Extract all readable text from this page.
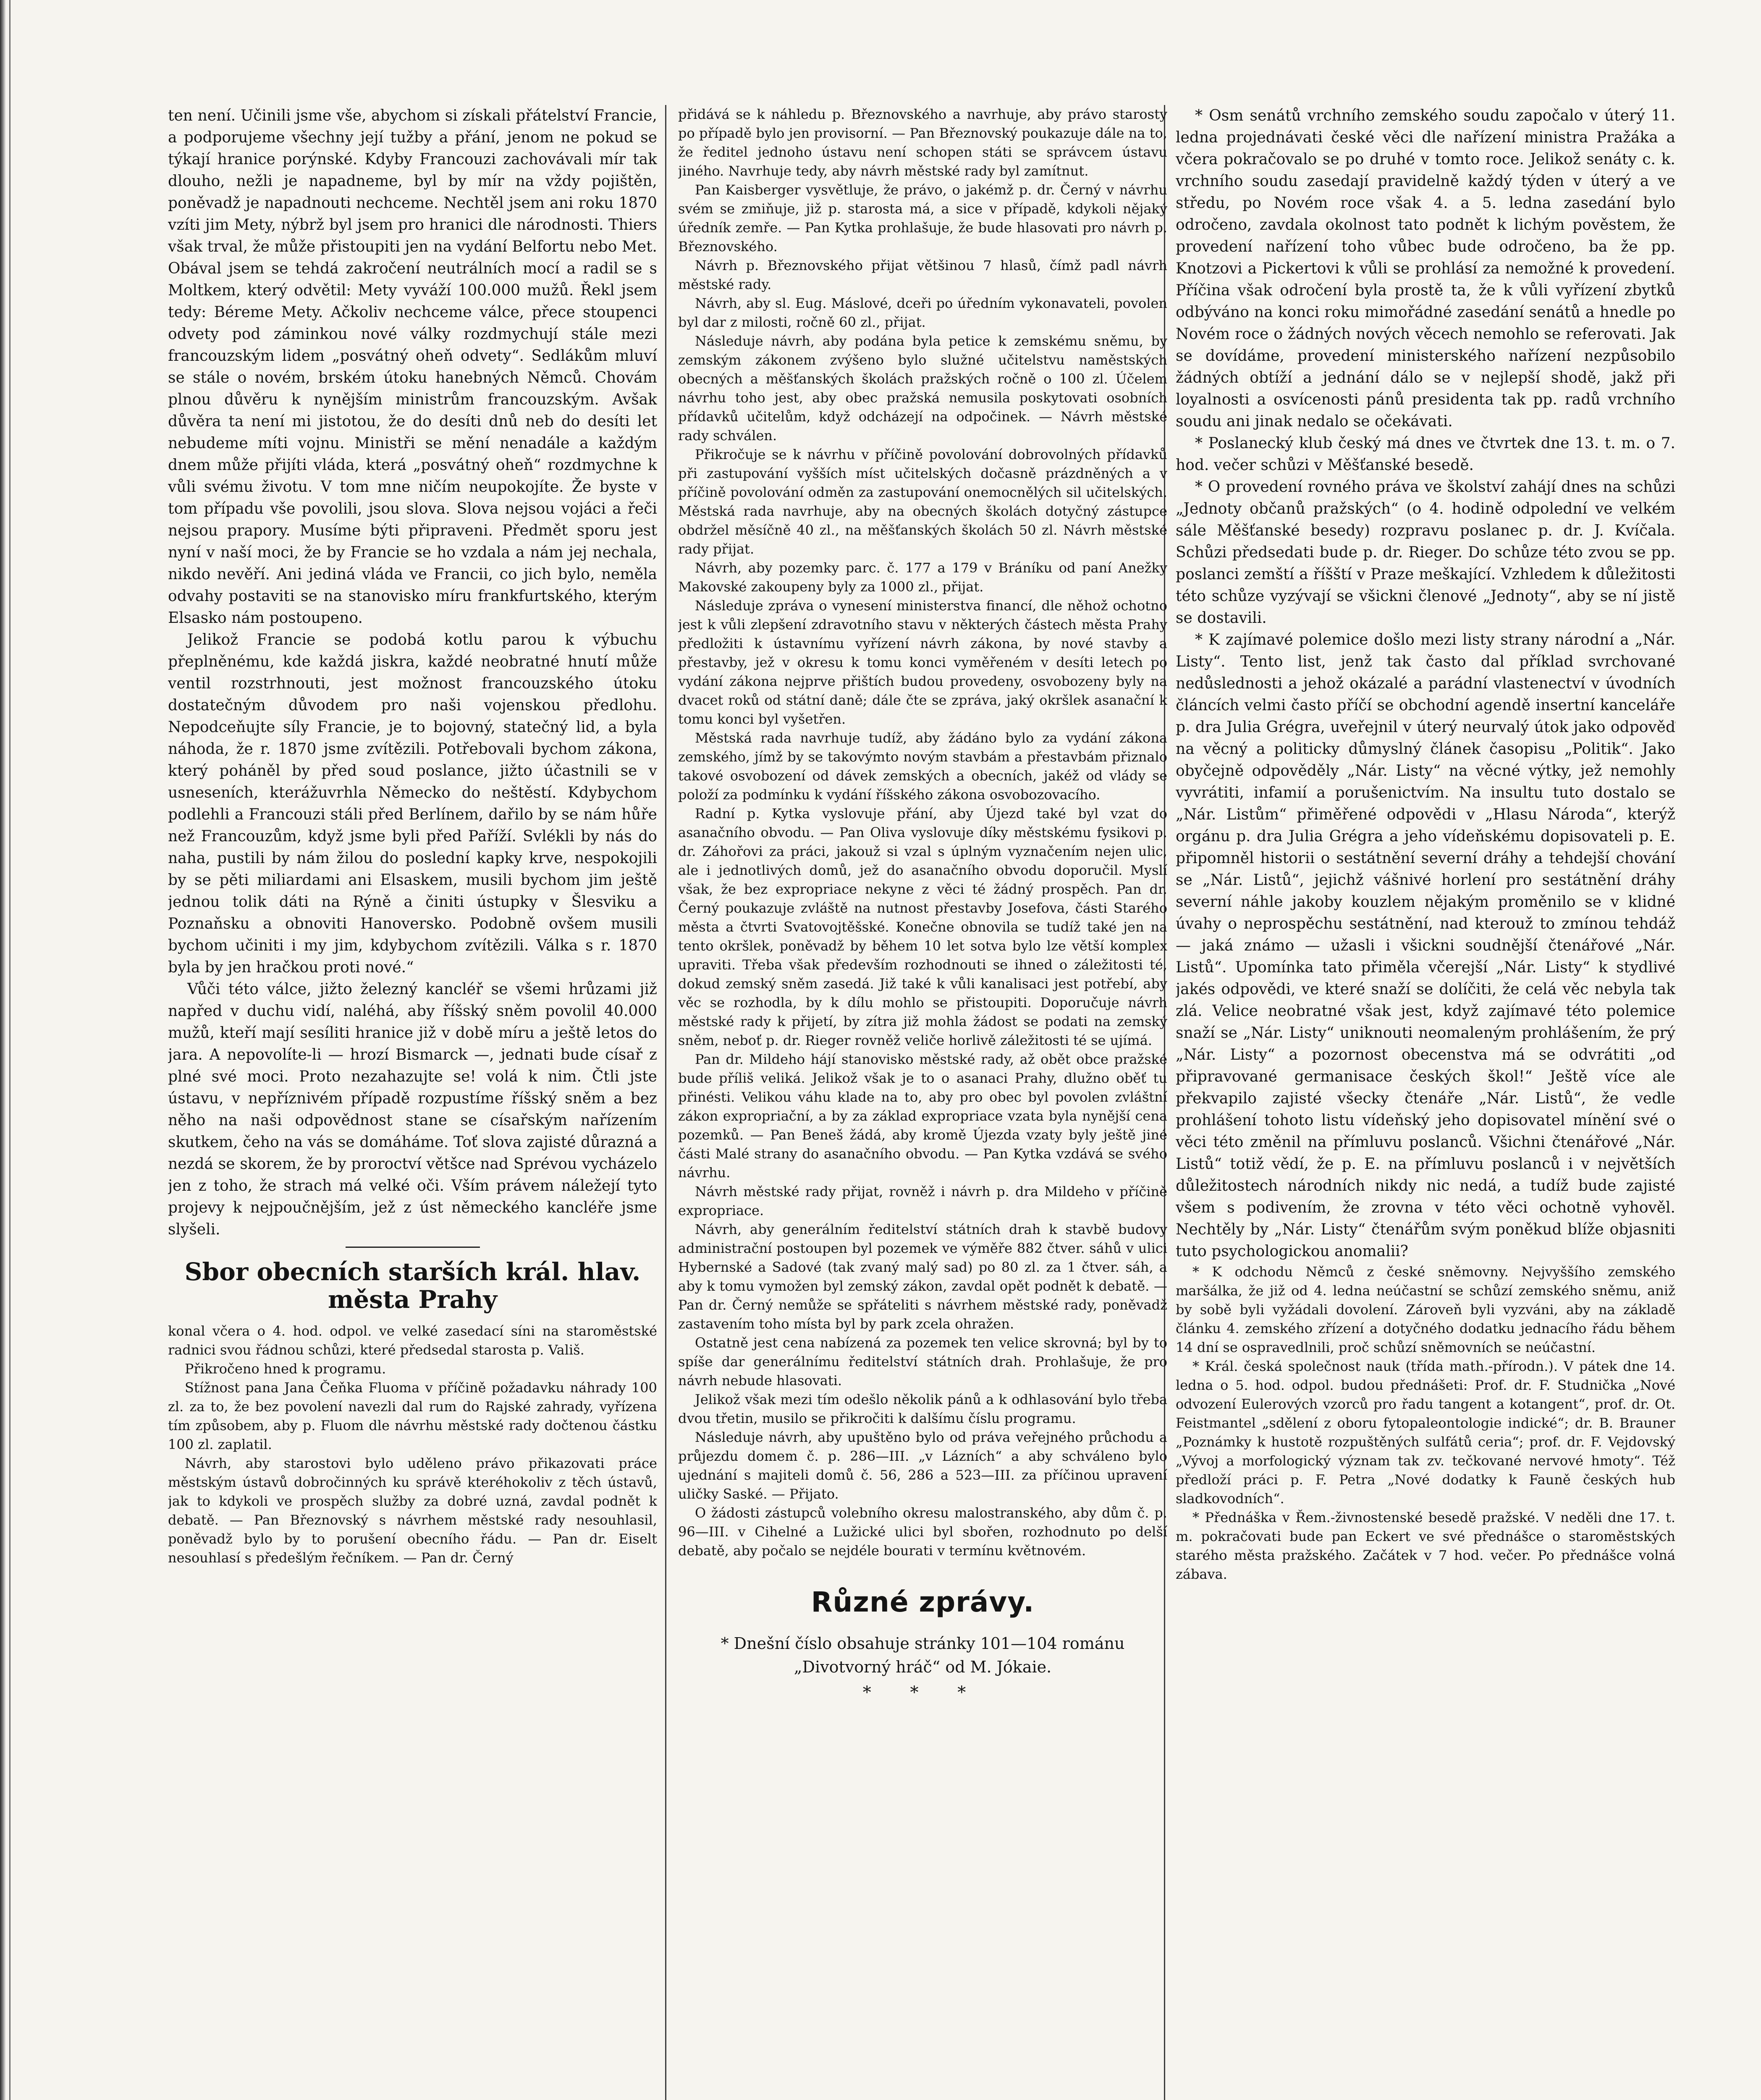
ten není. Učinili jsme vše, abychom si získali přátelství Francie, a podporujeme všechny její tužby a přání, jenom ne pokud se týkají hranice porýnské. Kdyby Francouzi zachovávali mír tak dlouho, nežli je napadneme, byl by mír na vždy pojištěn, poněvadž je napadnouti nechceme. Nechtěl jsem ani roku 1870 vzíti jim Mety, nýbrž byl jsem pro hranici dle národnosti. Thiers však trval, že může přistoupiti jen na vydání Belfortu nebo Met. Obával jsem se tehdá zakročení neutrálních mocí a radil se s Moltkem, který odvětil: Mety vyváží 100.000 mužů. Řekl jsem tedy: Béreme Mety. Ačkoliv nechceme válce, přece stoupenci odvety pod záminkou nové války rozdmychují stále mezi francouzským lidem „posvátný oheň odvety“. Sedlákům mluví se stále o novém, brském útoku hanebných Němců. Chovám plnou důvěru k nynějším ministrům francouzským. Avšak důvěra ta není mi jistotou, že do desíti dnů neb do desíti let nebudeme míti vojnu. Ministři se mění nenadále a každým dnem může přijíti vláda, která „posvátný oheň“ rozdmychne k vůli svému životu. V tom mne ničím neupokojíte. Že byste v tom případu vše povolili, jsou slova. Slova nejsou vojáci a řeči nejsou prapory. Musíme býti připraveni. Předmět sporu jest nyní v naší moci, že by Francie se ho vzdala a nám jej nechala, nikdo nevěří. Ani jediná vláda ve Francii, co jich bylo, neměla odvahy postaviti se na stanovisko míru frankfurtského, kterým Elsasko nám postoupeno.

Jelikož Francie se podobá kotlu parou k výbuchu přeplněnému, kde každá jiskra, každé neobratné hnutí může ventil rozstrhnouti, jest možnost francouzského útoku dostatečným důvodem pro naši vojenskou předlohu. Nepodceňujte síly Francie, je to bojovný, statečný lid, a byla náhoda, že r. 1870 jsme zvítězili. Potřebovali bychom zákona, který poháněl by před soud poslance, jižto účastnili se v usneseních, kterážuvrhla Německo do neštěstí. Kdybychom podlehli a Francouzi stáli před Berlínem, dařilo by se nám hůře než Francouzům, když jsme byli před Paříží. Svlékli by nás do naha, pustili by nám žilou do poslední kapky krve, nespokojili by se pěti miliardami ani Elsaskem, musili bychom jim ještě jednou tolik dáti na Rýně a činiti ústupky v Šlesviku a Poznaňsku a obnoviti Hanoversko. Podobně ovšem musili bychom učiniti i my jim, kdybychom zvítězili. Válka s r. 1870 byla by jen hračkou proti nové.“

Vůči této válce, jižto železný kancléř se všemi hrůzami již napřed v duchu vidí, naléhá, aby říšský sněm povolil 40.000 mužů, kteří mají sesíliti hranice již v době míru a ještě letos do jara. A nepovolíte-li — hrozí Bismarck —, jednati bude císař z plné své moci. Proto nezahazujte se! volá k nim. Čtli jste ústavu, v nepříznivém případě rozpustíme říšský sněm a bez něho na naši odpovědnost stane se císařským nařízením skutkem, čeho na vás se domáháme. Toť slova zajisté důrazná a nezdá se skorem, že by proroctví většce nad Sprévou vycházelo jen z toho, že strach má velké oči. Vším právem náležejí tyto projevy k nejpoučnějším, jež z úst německého kancléře jsme slyšeli.

Sbor obecních starších král. hlav. města Prahy

konal včera o 4. hod. odpol. ve velké zasedací síni na staroměstské radnici svou řádnou schůzi, které předsedal starosta p. Vališ.

Přikročeno hned k programu.

Stížnost pana Jana Čeňka Fluoma v příčině požadavku náhrady 100 zl. za to, že bez povolení navezli dal rum do Rajské zahrady, vyřízena tím způsobem, aby p. Fluom dle návrhu městské rady dočtenou částku 100 zl. zaplatil.

Návrh, aby starostovi bylo uděleno právo přikazovati práce městským ústavů dobročinných ku správě kteréhokoliv z těch ústavů, jak to kdykoli ve prospěch služby za dobré uzná, zavdal podnět k debatě. — Pan Březnovský s návrhem městské rady nesouhlasil, poněvadž bylo by to porušení obecního řádu. — Pan dr. Eiselt nesouhlasí s předešlým řečníkem. — Pan dr. Černý

přidává se k náhledu p. Březnovského a navrhuje, aby právo starosty po případě bylo jen provisorní. — Pan Březnovský poukazuje dále na to, že ředitel jednoho ústavu není schopen státi se správcem ústavu jiného. Navrhuje tedy, aby návrh městské rady byl zamítnut.

Pan Kaisberger vysvětluje, že právo, o jakémž p. dr. Černý v návrhu svém se zmiňuje, již p. starosta má, a sice v případě, kdykoli nějaký úředník zemře. — Pan Kytka prohlašuje, že bude hlasovati pro návrh p. Březnovského.

Návrh p. Březnovského přijat většinou 7 hlasů, čímž padl návrh městské rady.

Návrh, aby sl. Eug. Máslové, dceři po úředním vykonavateli, povolen byl dar z milosti, ročně 60 zl., přijat.

Následuje návrh, aby podána byla petice k zemskému sněmu, by zemským zákonem zvýšeno bylo služné učitelstvu naměstských obecných a měšťanských školách pražských ročně o 100 zl. Účelem návrhu toho jest, aby obec pražská nemusila poskytovati osobních přídavků učitelům, když odcházejí na odpočinek. — Návrh městské rady schválen.

Přikročuje se k návrhu v příčině povolování dobrovolných přídavků při zastupování vyšších míst učitelských dočasně prázdněných a v příčině povolování odměn za zastupování onemocnělých sil učitelských. Městská rada navrhuje, aby na obecných školách dotyčný zástupce obdržel měsíčně 40 zl., na měšťanských školách 50 zl. Návrh městské rady přijat.

Návrh, aby pozemky parc. č. 177 a 179 v Bráníku od paní Anežky Makovské zakoupeny byly za 1000 zl., přijat.

Následuje zpráva o vynesení ministerstva financí, dle něhož ochotno jest k vůli zlepšení zdravotního stavu v některých částech města Prahy předložiti k ústavnímu vyřízení návrh zákona, by nové stavby a přestavby, jež v okresu k tomu konci vyměřeném v desíti letech po vydání zákona nejprve přištích budou provedeny, osvobozeny byly na dvacet roků od státní daně; dále čte se zpráva, jaký okršlek asanační k tomu konci byl vyšetřen.

Městská rada navrhuje tudíž, aby žádáno bylo za vydání zákona zemského, jímž by se takovýmto novým stavbám a přestavbám přiznalo takové osvobození od dávek zemských a obecních, jakéž od vlády se položí za podmínku k vydání říšského zákona osvobozovacího.

Radní p. Kytka vyslovuje přání, aby Újezd také byl vzat do asanačního obvodu. — Pan Oliva vyslovuje díky městskému fysikovi p. dr. Záhořovi za práci, jakouž si vzal s úplným vyznačením nejen ulic, ale i jednotlivých domů, jež do asanačního obvodu doporučil. Myslí však, že bez expropriace nekyne z věci té žádný prospěch. Pan dr. Černý poukazuje zvláště na nutnost přestavby Josefova, části Starého města a čtvrti Svatovojtěšské. Konečne obnovila se tudíž také jen na tento okršlek, poněvadž by během 10 let sotva bylo lze větší komplex upraviti. Třeba však především rozhodnouti se ihned o záležitosti té, dokud zemský sněm zasedá. Již také k vůli kanalisaci jest potřebí, aby věc se rozhodla, by k dílu mohlo se přistoupiti. Doporučuje návrh městské rady k přijetí, by zítra již mohla žádost se podati na zemský sněm, neboť p. dr. Rieger rovněž veliče horlivě záležitosti té se ujímá.

Pan dr. Mildeho hájí stanovisko městské rady, až obět obce pražské bude příliš veliká. Jelikož však je to o asanaci Prahy, dlužno oběť tu přinésti. Velikou váhu klade na to, aby pro obec byl povolen zvláštní zákon expropriační, a by za základ expropriace vzata byla nynější cena pozemků. — Pan Beneš žádá, aby kromě Újezda vzaty byly ještě jiné části Malé strany do asanačního obvodu. — Pan Kytka vzdává se svého návrhu.

Návrh městské rady přijat, rovněž i návrh p. dra Mildeho v příčině expropriace.

Návrh, aby generálním ředitelství státních drah k stavbě budovy administrační postoupen byl pozemek ve výměře 882 čtver. sáhů v ulici Hybernské a Sadové (tak zvaný malý sad) po 80 zl. za 1 čtver. sáh, a aby k tomu vymožen byl zemský zákon, zavdal opět podnět k debatě. — Pan dr. Černý nemůže se spřáteliti s návrhem městské rady, poněvadž zastavením toho místa byl by park zcela ohražen.

Ostatně jest cena nabízená za pozemek ten velice skrovná; byl by to spíše dar generálnímu ředitelství státních drah. Prohlašuje, že pro návrh nebude hlasovati.

Jelikož však mezi tím odešlo několik pánů a k odhlasování bylo třeba dvou třetin, musilo se přikročiti k dalšímu číslu programu.

Následuje návrh, aby upuštěno bylo od práva veřejného průchodu a průjezdu domem č. p. 286—III. „v Lázních“ a aby schváleno bylo ujednání s majiteli domů č. 56, 286 a 523—III. za příčinou upravení uličky Saské. — Přijato.

O žádosti zástupců volebního okresu malostranského, aby dům č. p. 96—III. v Cihelné a Lužické ulici byl sbořen, rozhodnuto po delší debatě, aby počalo se nejdéle bourati v termínu květnovém.

Různé zprávy.

* Dnešní číslo obsahuje stránky 101—104 románu „Divotvorný hráč“ od M. Jókaie.

* * *

* Osm senátů vrchního zemského soudu započalo v úterý 11. ledna projednávati české věci dle nařízení ministra Pražáka a včera pokračovalo se po druhé v tomto roce. Jelikož senáty c. k. vrchního soudu zasedají pravidelně každý týden v úterý a ve středu, po Novém roce však 4. a 5. ledna zasedání bylo odročeno, zavdala okolnost tato podnět k lichým pověstem, že provedení nařízení toho vůbec bude odročeno, ba že pp. Knotzovi a Pickertovi k vůli se prohlásí za nemožné k provedení. Příčina však odročení byla prostě ta, že k vůli vyřízení zbytků odbýváno na konci roku mimořádné zasedání senátů a hnedle po Novém roce o žádných nových věcech nemohlo se referovati. Jak se dovídáme, provedení ministerského nařízení nezpůsobilo žádných obtíží a jednání dálo se v nejlepší shodě, jakž při loyalnosti a osvícenosti pánů presidenta tak pp. radů vrchního soudu ani jinak nedalo se očekávati.

* Poslanecký klub český má dnes ve čtvrtek dne 13. t. m. o 7. hod. večer schůzi v Měšťanské besedě.

* O provedení rovného práva ve školství zahájí dnes na schůzi „Jednoty občanů pražských“ (o 4. hodině odpolední ve velkém sále Měšťanské besedy) rozpravu poslanec p. dr. J. Kvíčala. Schůzi předsedati bude p. dr. Rieger. Do schůze této zvou se pp. poslanci zemští a říšští v Praze meškající. Vzhledem k důležitosti této schůze vyzývají se všickni členové „Jednoty“, aby se ní jistě se dostavili.

* K zajímavé polemice došlo mezi listy strany národní a „Nár. Listy“. Tento list, jenž tak často dal příklad svrchované nedůslednosti a jehož okázalé a parádní vlastenectví v úvodních článcích velmi často příčí se obchodní agendě insertní kanceláře p. dra Julia Grégra, uveřejnil v úterý neurvalý útok jako odpověď na věcný a politicky důmyslný článek časopisu „Politik“. Jako obyčejně odpověděly „Nár. Listy“ na věcné výtky, jež nemohly vyvrátiti, infamií a porušenictvím. Na insultu tuto dostalo se „Nár. Listům“ přiměřené odpovědi v „Hlasu Národa“, kterýž orgánu p. dra Julia Grégra a jeho vídeňskému dopisovateli p. E. připomněl historii o sestátnění severní dráhy a tehdejší chování se „Nár. Listů“, jejichž vášnivé horlení pro sestátnění dráhy severní náhle jakoby kouzlem nějakým proměnilo se v klidné úvahy o neprospěchu sestátnění, nad kterouž to zmínou tehdáž — jaká známo — užasli i všickni soudnější čtenářové „Nár. Listů“. Upomínka tato přiměla včerejší „Nár. Listy“ k stydlivé jakés odpovědi, ve které snaží se dolíčiti, že celá věc nebyla tak zlá. Velice neobratné však jest, když zajímavé této polemice snaží se „Nár. Listy“ uniknouti neomaleným prohlášením, že prý „Nár. Listy“ a pozornost obecenstva má se odvrátiti „od připravované germanisace českých škol!“ Ještě více ale překvapilo zajisté všecky čtenáře „Nár. Listů“, že vedle prohlášení tohoto listu vídeňský jeho dopisovatel mínění své o věci této změnil na přímluvu poslanců. Všichni čtenářové „Nár. Listů“ totiž vědí, že p. E. na přímluvu poslanců i v největších důležitostech národních nikdy nic nedá, a tudíž bude zajisté všem s podivením, že zrovna v této věci ochotně vyhověl. Nechtěly by „Nár. Listy“ čtenářům svým poněkud blíže objasniti tuto psychologickou anomalii?

* K odchodu Němců z české sněmovny. Nejvyššího zemského maršálka, že již od 4. ledna neúčastní se schůzí zemského sněmu, aniž by sobě byli vyžádali dovolení. Zároveň byli vyzváni, aby na základě článku 4. zemského zřízení a dotyčného dodatku jednacího řádu během 14 dní se ospravedlnili, proč schůzí sněmovních se neúčastní.

* Král. česká společnost nauk (třída math.-přírodn.). V pátek dne 14. ledna o 5. hod. odpol. budou přednášeti: Prof. dr. F. Studnička „Nové odvození Eulerových vzorců pro řadu tangent a kotangent“, prof. dr. Ot. Feistmantel „sdělení z oboru fytopaleontologie indické“; dr. B. Brauner „Poznámky k hustotě rozpuštěných sulfátů ceria“; prof. dr. F. Vejdovský „Vývoj a morfologický význam tak zv. tečkované nervové hmoty“. Též předloží práci p. F. Petra „Nové dodatky k Fauně českých hub sladkovodních“.

* Přednáška v Řem.-živnostenské besedě pražské. V neděli dne 17. t. m. pokračovati bude pan Eckert ve své přednášce o staroměstských starého města pražského. Začátek v 7 hod. večer. Po přednášce volná zábava.
